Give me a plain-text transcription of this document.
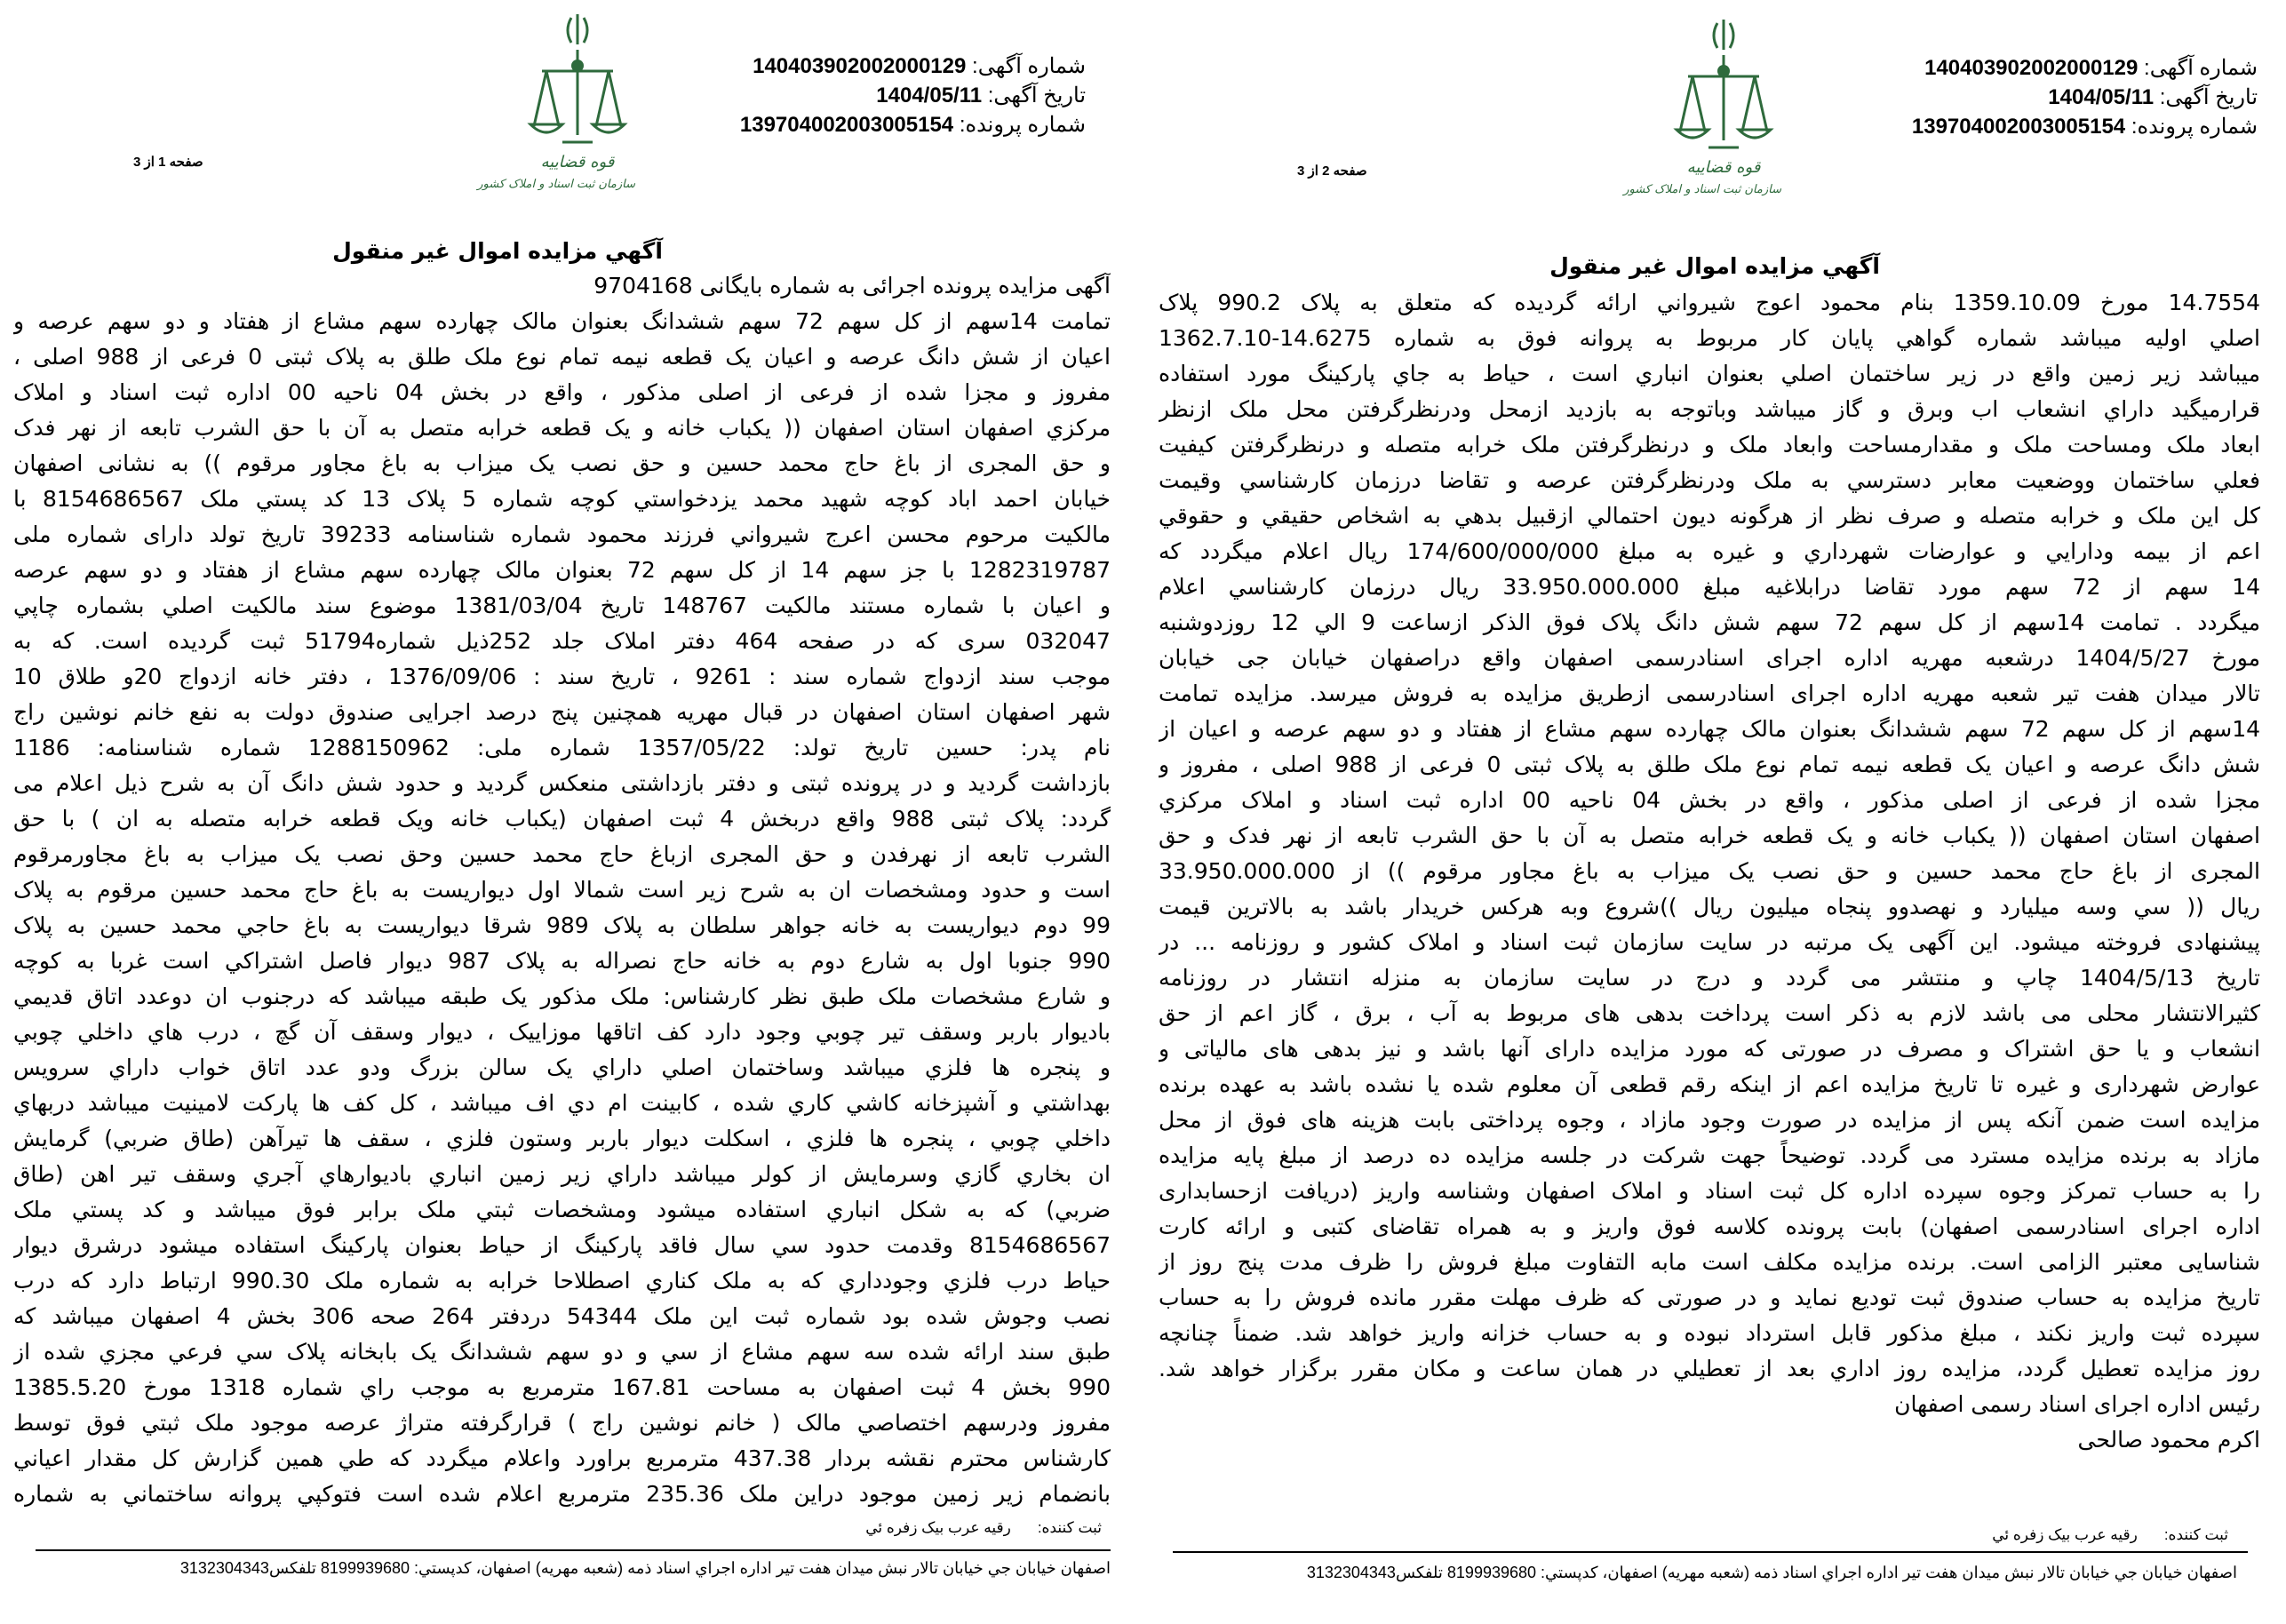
شماره آگهی: 140403902002000129
تاریخ آگهی: 1404/05/11
شماره پرونده: 139704002003005154
قوه قضاییه
سازمان ثبت اسناد و املاک کشور
صفحه 1 از 3
آگهي مزايده اموال غير منقول
آگهی مزایده پرونده اجرائی به شماره بایگانی 9704168
تمامت 14سهم از کل سهم 72 سهم ششدانگ بعنوان مالک چهارده سهم مشاع از هفتاد و دو سهم عرصه و
اعیان از شش دانگ عرصه و اعیان یک قطعه نیمه تمام نوع ملک طلق به پلاک ثبتی 0 فرعی از 988 اصلی ،
مفروز و مجزا شده از فرعی از اصلی مذکور ، واقع در بخش 04 ناحیه 00 اداره ثبت اسناد و املاک
مرکزي اصفهان استان اصفهان (( یکباب خانه و یک قطعه خرابه متصل به آن با حق الشرب تابعه از نهر فدک
و حق المجری از باغ حاج محمد حسین و حق نصب یک میزاب به باغ مجاور مرقوم )) به نشانی اصفهان
خیابان احمد اباد کوچه شهید محمد یزدخواستي کوچه شماره 5 پلاک 13 کد پستي ملک 8154686567 با
مالکیت مرحوم محسن اعرج شیرواني فرزند محمود شماره شناسنامه 39233 تاریخ تولد دارای شماره ملی
1282319787 با جز سهم 14 از کل سهم 72 بعنوان مالک چهارده سهم مشاع از هفتاد و دو سهم عرصه
و اعیان با شماره مستند مالکیت 148767 تاریخ 1381/03/04 موضوع سند مالکیت اصلي بشماره چاپي
032047 سری که در صفحه 464 دفتر املاک جلد 252ذیل شماره51794 ثبت گردیده است. که به
موجب سند ازدواج شماره سند : 9261 ، تاریخ سند : 1376/09/06 ، دفتر خانه ازدواج 20و طلاق 10
شهر اصفهان استان اصفهان در قبال مهریه همچنین پنج درصد اجرایی صندوق دولت به نفع خانم نوشین راج
نام پدر: حسین تاریخ تولد: 1357/05/22 شماره ملی: 1288150962 شماره شناسنامه: 1186
بازداشت گردید و در پرونده ثبتی و دفتر بازداشتی منعکس گردید و حدود شش دانگ آن به شرح ذیل اعلام می
گردد: پلاک ثبتی 988 واقع دربخش 4 ثبت اصفهان (یکباب خانه ویک قطعه خرابه متصله به ان ) با حق
الشرب تابعه از نهرفدن و حق المجری ازباغ حاج محمد حسین وحق نصب یک میزاب به باغ مجاورمرقوم
است و حدود ومشخصات ان به شرح زیر است شمالا اول دیواریست به باغ حاج محمد حسین مرقوم به پلاک
99 دوم دیواریست به خانه جواهر سلطان به پلاک 989 شرقا دیواریست به باغ حاجي محمد حسین به پلاک
990 جنوبا اول به شارع دوم به خانه حاج نصراله به پلاک 987 دیوار فاصل اشتراکي است غربا به کوچه
و شارع مشخصات ملک طبق نظر کارشناس: ملک مذکور یک طبقه میباشد که درجنوب ان دوعدد اتاق قدیمي
بادیوار باربر وسقف تیر چوبي وجود دارد کف اتاقها موزاییک ، دیوار وسقف آن گچ ، درب هاي داخلي چوبي
و پنجره ها فلزي میباشد وساختمان اصلي داراي یک سالن بزرگ ودو عدد اتاق خواب داراي سرویس
بهداشتي و آشپزخانه کاشي کاري شده ، کابینت ام دي اف میباشد ، کل کف ها پارکت لامینیت میباشد دربهاي
داخلي چوبي ، پنجره ها فلزي ، اسکلت دیوار باربر وستون فلزي ، سقف ها تیرآهن (طاق ضربي) گرمایش
ان بخاري گازي وسرمایش از کولر میباشد داراي زیر زمین انباري بادیوارهاي آجري وسقف تیر اهن (طاق
ضربي) که به شکل انباري استفاده میشود ومشخصات ثبتي ملک برابر فوق میباشد و کد پستي ملک
8154686567 وقدمت حدود سي سال فاقد پارکینگ از حیاط بعنوان پارکینگ استفاده میشود درشرق دیوار
حیاط درب فلزي وجودداري که به ملک کناري اصطلاحا خرابه به شماره ملک 990.30 ارتباط دارد که درب
نصب وجوش شده بود شماره ثبت این ملک 54344 دردفتر 264 صحه 306 بخش 4 اصفهان میباشد که
طبق سند ارائه شده سه سهم مشاع از سي و دو سهم ششدانگ یک بابخانه پلاک سي فرعي مجزي شده از
990 بخش 4 ثبت اصفهان به مساحت 167.81 مترمربع به موجب راي شماره 1318 مورخ 1385.5.20
مفروز ودرسهم اختصاصي مالک ( خانم نوشین راج ) قرارگرفته متراژ عرصه موجود ملک ثبتي فوق توسط
کارشناس محترم نقشه بردار 437.38 مترمربع براورد واعلام میگردد که طي همین گزارش کل مقدار اعیاني
بانضمام زیر زمین موجود دراین ملک 235.36 مترمربع اعلام شده است فتوکپي پروانه ساختماني به شماره
ثبت کننده:رقیه عرب بیک زفره ئي
اصفهان خیابان جي خیابان تالار نبش میدان هفت تیر اداره اجراي اسناد ذمه (شعبه مهریه) اصفهان، کدپستي: 8199939680 تلفکس3132304343
شماره آگهی: 140403902002000129
تاریخ آگهی: 1404/05/11
شماره پرونده: 139704002003005154
قوه قضاییه
سازمان ثبت اسناد و املاک کشور
صفحه 2 از 3
آگهي مزايده اموال غير منقول
14.7554 مورخ 1359.10.09 بنام محمود اعوج شیرواني ارائه گردیده که متعلق به پلاک 990.2 پلاک
اصلي اولیه میباشد شماره گواهي پایان کار مربوط به پروانه فوق به شماره 14.6275-1362.7.10
میباشد زیر زمین واقع در زیر ساختمان اصلي بعنوان انباري است ، حیاط به جاي پارکینگ مورد استفاده
قرارمیگید داراي انشعاب اب وبرق و گاز میباشد وباتوجه به بازدید ازمحل ودرنظرگرفتن محل ملک ازنظر
ابعاد ملک ومساحت ملک و مقدارمساحت وابعاد ملک و درنظرگرفتن ملک خرابه متصله و درنظرگرفتن کیفیت
فعلي ساختمان ووضعیت معابر دسترسي به ملک ودرنظرگرفتن عرصه و تقاضا درزمان کارشناسي وقیمت
کل این ملک و خرابه متصله و صرف نظر از هرگونه دیون احتمالي ازقبیل بدهي به اشخاص حقیقي و حقوقي
اعم از بیمه ودارایي و عوارضات شهرداري و غیره به مبلغ 174/600/000/000 ریال اعلام میگردد که
14 سهم از 72 سهم مورد تقاضا درابلاغیه مبلغ 33.950.000.000 ریال درزمان کارشناسي اعلام
میگردد . تمامت 14سهم از کل سهم 72 سهم شش دانگ پلاک فوق الذکر ازساعت 9 الي 12 روزدوشنبه
مورخ 1404/5/27 درشعبه مهریه اداره اجرای اسنادرسمی اصفهان واقع دراصفهان خیابان جی خیابان
تالار میدان هفت تیر شعبه مهریه اداره اجرای اسنادرسمی ازطریق مزایده به فروش میرسد. مزایده تمامت
14سهم از کل سهم 72 سهم ششدانگ بعنوان مالک چهارده سهم مشاع از هفتاد و دو سهم عرصه و اعیان از
شش دانگ عرصه و اعیان یک قطعه نیمه تمام نوع ملک طلق به پلاک ثبتی 0 فرعی از 988 اصلی ، مفروز و
مجزا شده از فرعی از اصلی مذکور ، واقع در بخش 04 ناحیه 00 اداره ثبت اسناد و املاک مرکزي
اصفهان استان اصفهان (( یکباب خانه و یک قطعه خرابه متصل به آن با حق الشرب تابعه از نهر فدک و حق
المجری از باغ حاج محمد حسین و حق نصب یک میزاب به باغ مجاور مرقوم )) از 33.950.000.000
ریال (( سي وسه میلیارد و نهصدوو پنجاه میلیون ریال ))شروع وبه هرکس خریدار باشد به بالاترین قیمت
پیشنهادی فروخته میشود. این آگهی یک مرتبه در سایت سازمان ثبت اسناد و املاک کشور و روزنامه ... در
تاریخ 1404/5/13 چاپ و منتشر می گردد و درج در سایت سازمان به منزله انتشار در روزنامه
کثیرالانتشار محلی می باشد لازم به ذکر است پرداخت بدهی های مربوط به آب ، برق ، گاز اعم از حق
انشعاب و یا حق اشتراک و مصرف در صورتی که مورد مزایده دارای آنها باشد و نیز بدهی های مالیاتی و
عوارض شهرداری و غیره تا تاریخ مزایده اعم از اینکه رقم قطعی آن معلوم شده یا نشده باشد به عهده برنده
مزایده است ضمن آنکه پس از مزایده در صورت وجود مازاد ، وجوه پرداختی بابت هزینه های فوق از محل
مازاد به برنده مزایده مسترد می گردد. توضیحاً جهت شرکت در جلسه مزایده ده درصد از مبلغ پایه مزایده
را به حساب تمرکز وجوه سپرده اداره کل ثبت اسناد و املاک اصفهان وشناسه واریز (دریافت ازحسابداری
اداره اجرای اسنادرسمی اصفهان) بابت پرونده کلاسه فوق واریز و به همراه تقاضای کتبی و ارائه کارت
شناسایی معتبر الزامی است. برنده مزایده مکلف است مابه التفاوت مبلغ فروش را ظرف مدت پنج روز از
تاریخ مزایده به حساب صندوق ثبت تودیع نماید و در صورتی که ظرف مهلت مقرر مانده فروش را به حساب
سپرده ثبت واریز نکند ، مبلغ مذکور قابل استرداد نبوده و به حساب خزانه واریز خواهد شد. ضمناً چنانچه
روز مزایده تعطیل گردد، مزایده روز اداري بعد از تعطیلي در همان ساعت و مکان مقرر برگزار خواهد شد.
رئیس اداره اجرای اسناد رسمی اصفهان
اکرم محمود صالحی
ثبت کننده:رقیه عرب بیک زفره ئي
اصفهان خیابان جي خیابان تالار نبش میدان هفت تیر اداره اجراي اسناد ذمه (شعبه مهریه) اصفهان، کدپستي: 8199939680 تلفکس3132304343
